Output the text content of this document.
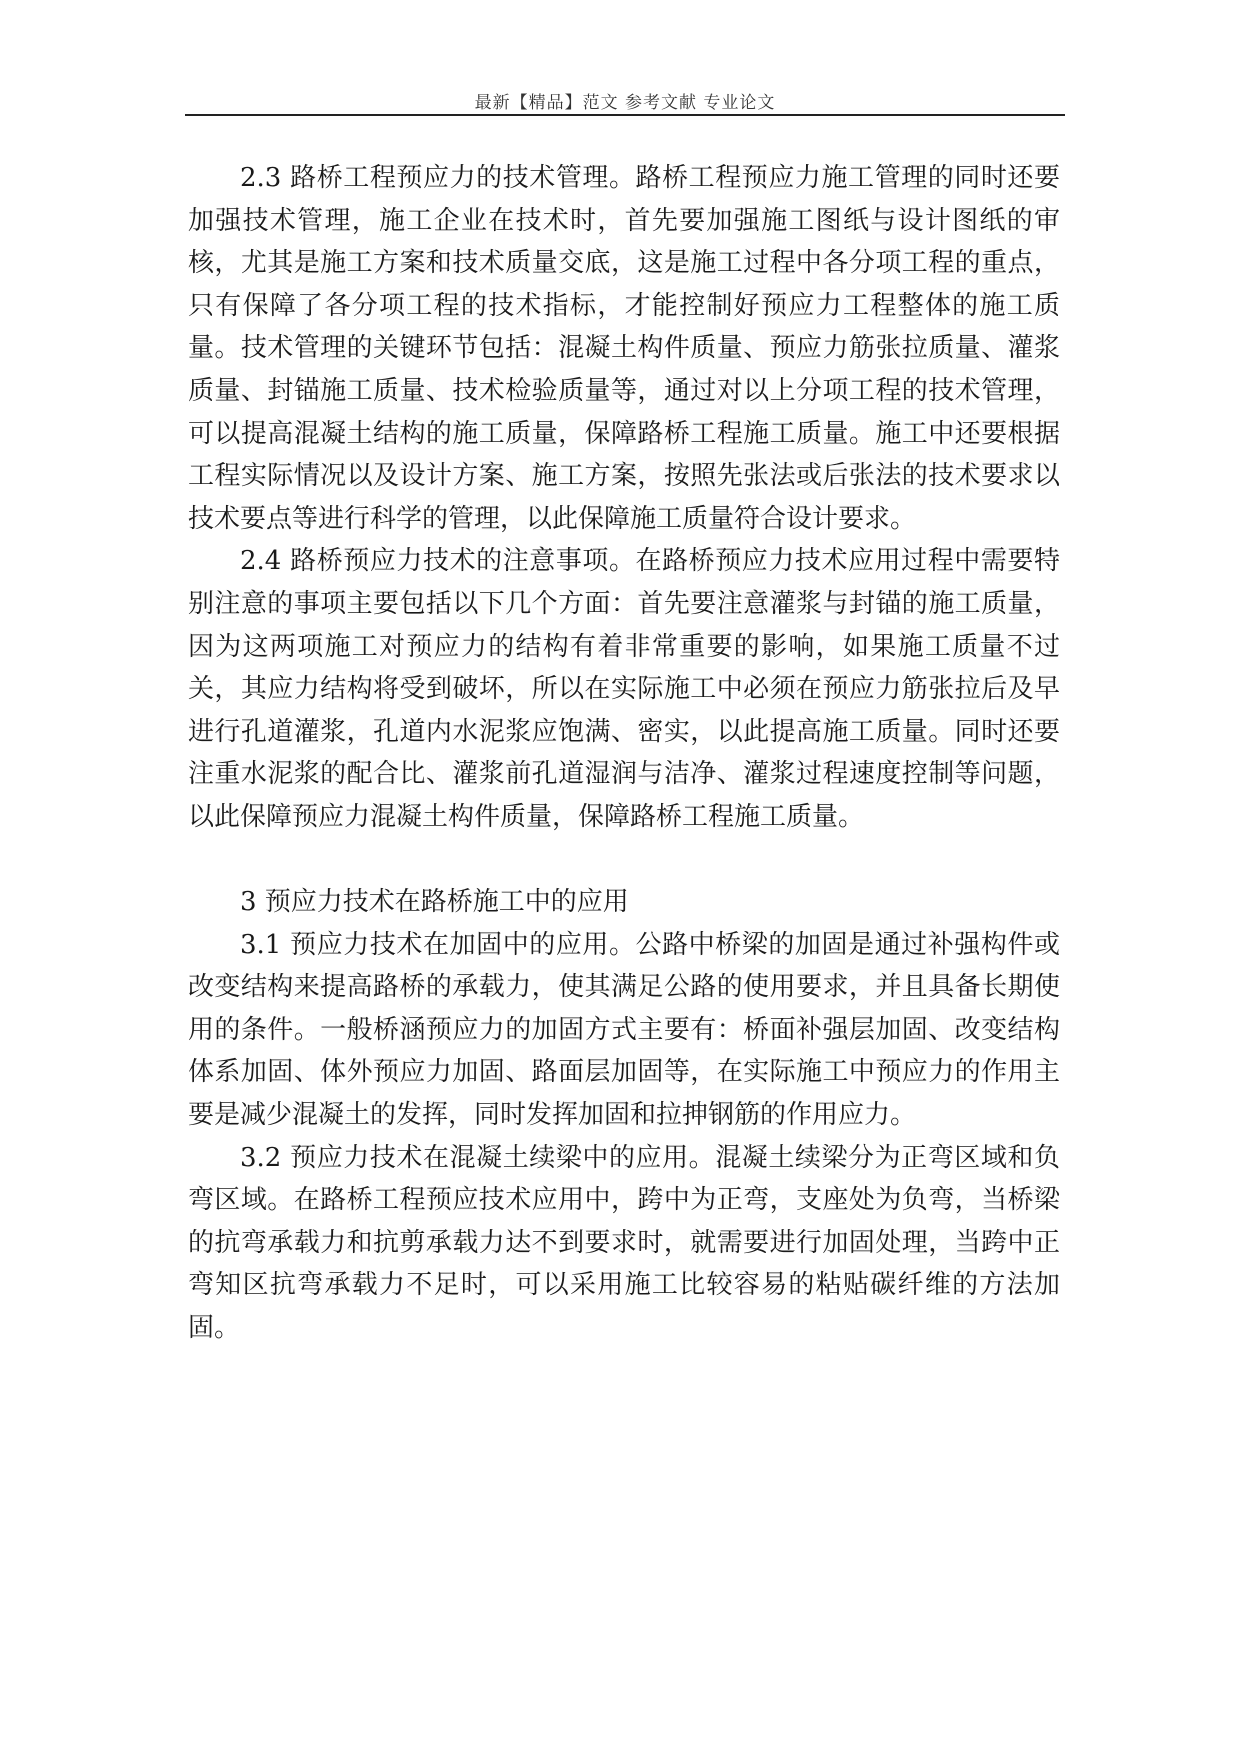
最新【精品】范文 参考文献 专业论文

2.3 路桥工程预应力的技术管理。路桥工程预应力施工管理的同时还要加强技术管理，施工企业在技术时，首先要加强施工图纸与设计图纸的审核，尤其是施工方案和技术质量交底，这是施工过程中各分项工程的重点，只有保障了各分项工程的技术指标，才能控制好预应力工程整体的施工质量。技术管理的关键环节包括：混凝土构件质量、预应力筋张拉质量、灌浆质量、封锚施工质量、技术检验质量等，通过对以上分项工程的技术管理，可以提高混凝土结构的施工质量，保障路桥工程施工质量。施工中还要根据工程实际情况以及设计方案、施工方案，按照先张法或后张法的技术要求以技术要点等进行科学的管理，以此保障施工质量符合设计要求。

2.4 路桥预应力技术的注意事项。在路桥预应力技术应用过程中需要特别注意的事项主要包括以下几个方面：首先要注意灌浆与封锚的施工质量，因为这两项施工对预应力的结构有着非常重要的影响，如果施工质量不过关，其应力结构将受到破坏，所以在实际施工中必须在预应力筋张拉后及早进行孔道灌浆，孔道内水泥浆应饱满、密实，以此提高施工质量。同时还要注重水泥浆的配合比、灌浆前孔道湿润与洁净、灌浆过程速度控制等问题，以此保障预应力混凝土构件质量，保障路桥工程施工质量。

3 预应力技术在路桥施工中的应用

3.1 预应力技术在加固中的应用。公路中桥梁的加固是通过补强构件或改变结构来提高路桥的承载力，使其满足公路的使用要求，并且具备长期使用的条件。一般桥涵预应力的加固方式主要有：桥面补强层加固、改变结构体系加固、体外预应力加固、路面层加固等，在实际施工中预应力的作用主要是减少混凝土的发挥，同时发挥加固和拉抻钢筋的作用应力。

3.2 预应力技术在混凝土续梁中的应用。混凝土续梁分为正弯区域和负弯区域。在路桥工程预应技术应用中，跨中为正弯，支座处为负弯，当桥梁的抗弯承载力和抗剪承载力达不到要求时，就需要进行加固处理，当跨中正弯知区抗弯承载力不足时，可以采用施工比较容易的粘贴碳纤维的方法加固。
